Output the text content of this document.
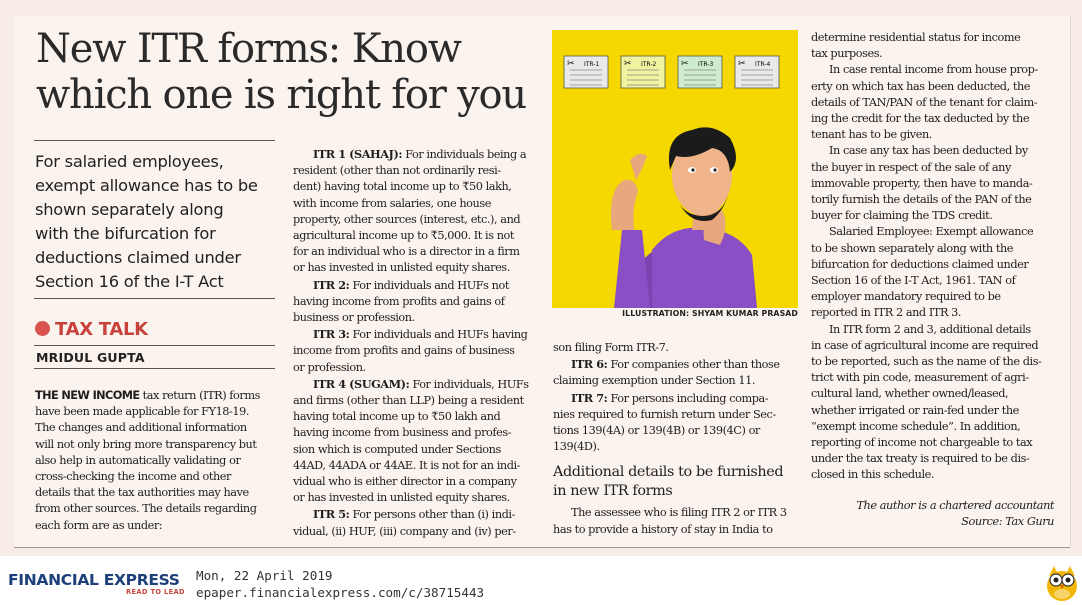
New ITR forms: Know
which one is right for you
For salaried employees,
exempt allowance has to be
shown separately along
with the bifurcation for
deductions claimed under
Section 16 of the I-T Act
TAX TALK
MRIDUL GUPTA

THE NEW INCOME tax return (ITR) forms
have been made applicable for FY18-19.
The changes and additional information
will not only bring more transparency but
also help in automatically validating or
cross-checking the income and other
details that the tax authorities may have
from other sources. The details regarding
each form are as under:

ITR 1 (SAHAJ): For individuals being a

resident (other than not ordinarily resi-
dent) having total income up to ₹50 lakh,
with income from salaries, one house
property, other sources (interest, etc.), and
agricultural income up to ₹5,000. It is not
for an individual who is a director in a firm
or has invested in unlisted equity shares.
ITR 2: For individuals and HUFs not
having income from profits and gains of
business or profession.
ITR 3: For individuals and HUFs having
income from profits and gains of business
or profession.
ITR 4 (SUGAM): For individuals, HUFs
and firms (other than LLP) being a resident
having total income up to ₹50 lakh and
having income from business and profes-
sion which is computed under Sections
44AD, 44ADA or 44AE. It is not for an indi-
vidual who is either director in a company
or has invested in unlisted equity shares.
ITR 5: For persons other than (i) indi-
vidual, (ii) HUF, (iii) company and (iv) per-
✂ ITR-1	✂ ITR-2	✂ ITR-3	✂ ITR-4
ILLUSTRATION: SHYAM KUMAR PRASAD
son filing Form ITR-7.
ITR 6: For companies other than those
claiming exemption under Section 11.
ITR 7: For persons including compa-
nies required to furnish return under Sec-
tions 139(4A) or 139(4B) or 139(4C) or
139(4D).
Additional details to be furnished
in new ITR forms
The assessee who is filing ITR 2 or ITR 3
has to provide a history of stay in India to
determine residential status for income
tax purposes.
In case rental income from house prop-
erty on which tax has been deducted, the
details of TAN/PAN of the tenant for claim-
ing the credit for the tax deducted by the
tenant has to be given.
In case any tax has been deducted by
the buyer in respect of the sale of any
immovable property, then have to manda-
torily furnish the details of the PAN of the
buyer for claiming the TDS credit.
Salaried Employee: Exempt allowance
to be shown separately along with the
bifurcation for deductions claimed under
Section 16 of the I-T Act, 1961. TAN of
employer mandatory required to be
reported in ITR 2 and ITR 3.
In ITR form 2 and 3, additional details
in case of agricultural income are required
to be reported, such as the name of the dis-
trict with pin code, measurement of agri-
cultural land, whether owned/leased,
whether irrigated or rain-fed under the
“exempt income schedule”. In addition,
reporting of income not chargeable to tax
under the tax treaty is required to be dis-
closed in this schedule.
The author is a chartered accountant
Source: Tax Guru
FINANCIAL EXPRESS
READ TO LEAD
Mon, 22 April 2019
epaper.financialexpress.com/c/38715443
